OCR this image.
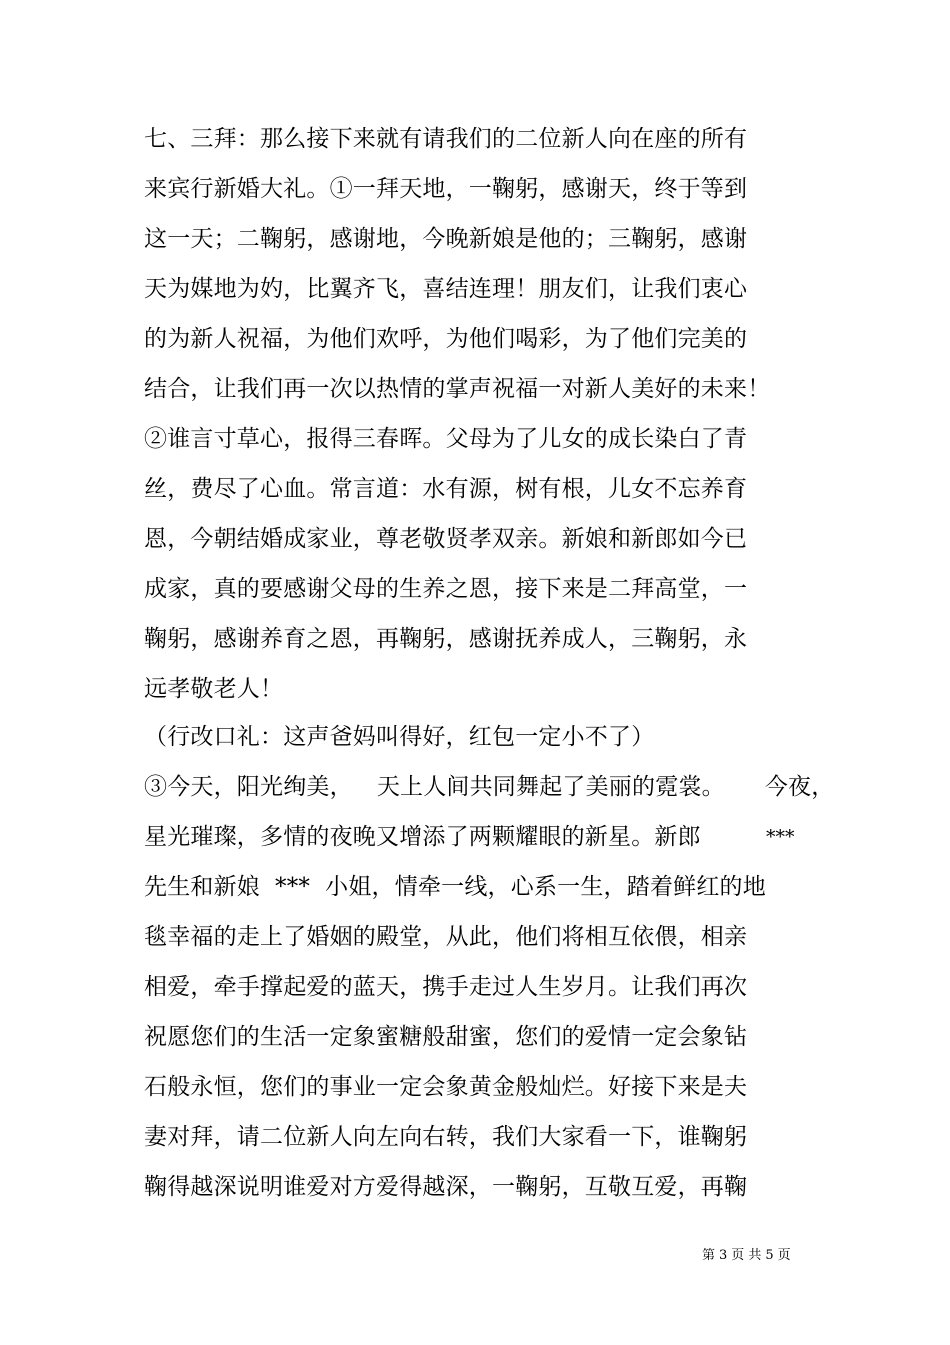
七、三拜：那么接下来就有请我们的二位新人向在座的所有
来宾行新婚大礼。①一拜天地，一鞠躬，感谢天，终于等到
这一天；二鞠躬，感谢地，今晚新娘是他的；三鞠躬，感谢
天为媒地为妁，比翼齐飞，喜结连理！朋友们，让我们衷心
的为新人祝福，为他们欢呼，为他们喝彩，为了他们完美的
结合，让我们再一次以热情的掌声祝福一对新人美好的未来！
②谁言寸草心，报得三春晖。父母为了儿女的成长染白了青
丝，费尽了心血。常言道：水有源，树有根，儿女不忘养育
恩，今朝结婚成家业，尊老敬贤孝双亲。新娘和新郎如今已
成家，真的要感谢父母的生养之恩，接下来是二拜高堂，一
鞠躬，感谢养育之恩，再鞠躬，感谢抚养成人，三鞠躬，永
远孝敬老人！
（行改口礼：这声爸妈叫得好，红包一定小不了）
③今天，阳光绚美， 天上人间共同舞起了美丽的霓裳。 今夜，
星光璀璨，多情的夜晚又增添了两颗耀眼的新星。新郎	***
先生和新娘  ***  小姐，情牵一线，心系一生，踏着鲜红的地
毯幸福的走上了婚姻的殿堂，从此，他们将相互依偎，相亲
相爱，牵手撑起爱的蓝天，携手走过人生岁月。让我们再次
祝愿您们的生活一定象蜜糖般甜蜜，您们的爱情一定会象钻
石般永恒，您们的事业一定会象黄金般灿烂。好接下来是夫
妻对拜，请二位新人向左向右转，我们大家看一下，谁鞠躬
鞠得越深说明谁爱对方爱得越深，一鞠躬，互敬互爱，再鞠
第 3 页 共 5 页
